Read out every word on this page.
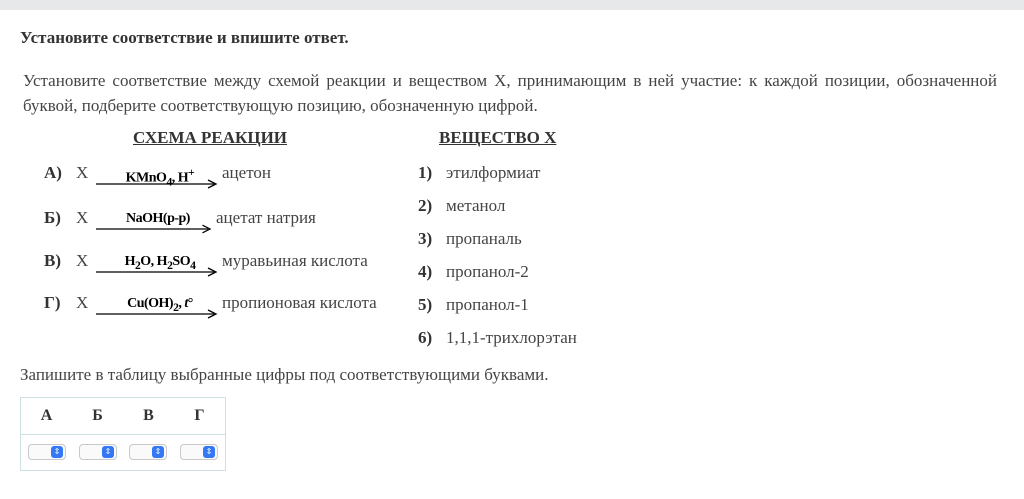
Установите соответствие и впишите ответ.
Установите соответствие между схемой реакции и веществом Х, принимающим в ней участие: к каждой позиции, обозначенной буквой, подберите соответствующую позицию, обозначенную цифрой.
СХЕМА РЕАКЦИИ	ВЕЩЕСТВО Х
А) Х	KMnO$_4$, H+	ацетон
Б) Х	NaOH(р-р)	ацетат натрия
В) Х	$H_2O$, $H_2SO_4$	муравьиная кислота
Г) Х	$Cu(OH)_2$, t°	пропионовая кислота
1) этилформиат
2) метанол
3) пропаналь
4) пропанол-2
5) пропанол-1
6) 1,1,1-трихлорэтан
Запишите в таблицу выбранные цифры под соответствующими буквами.
А	Б	В	Г
⇕	⇕	⇕	⇕
